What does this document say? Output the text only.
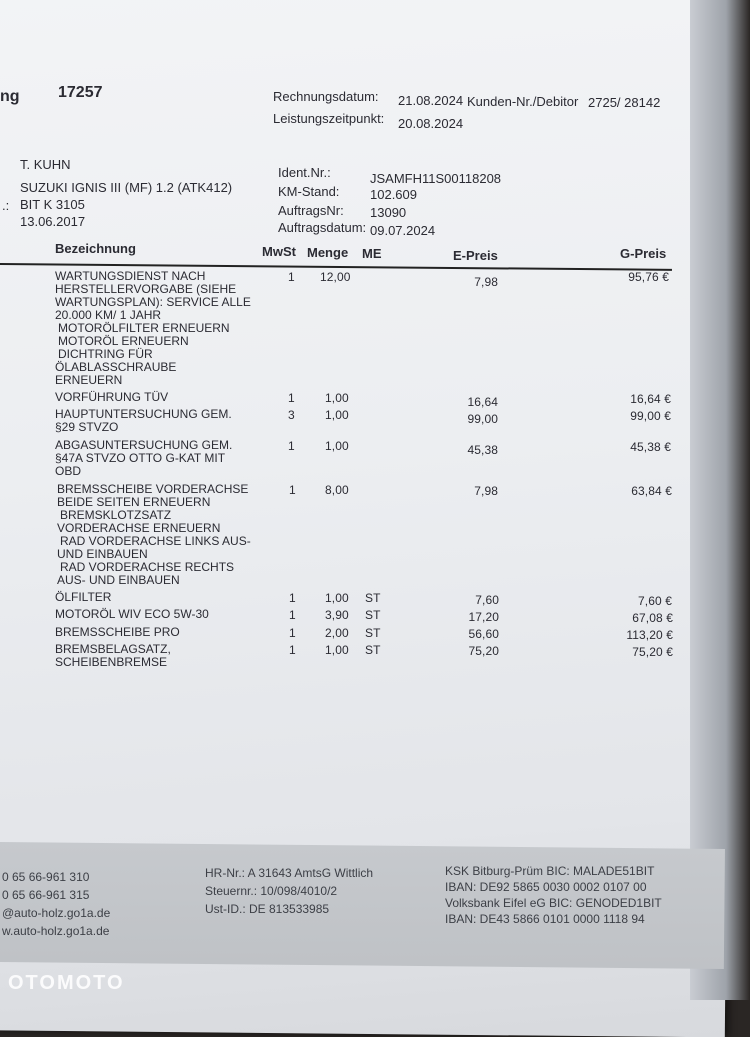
ng 17257	Rechnungsdatum: 21.08.2024 Kunden-Nr./Debitor 2725/ 28142
Leistungszeitpunkt: 20.08.2024
T. KUHN
SUZUKI IGNIS III (MF) 1.2 (ATK412)
.: BIT K 3105
13.06.2017
Ident.Nr.:	JSAMFH11S00118208
KM-Stand: 102.609
AuftragsNr: 13090
Auftragsdatum: 09.07.2024
Bezeichnung	MwSt Menge ME	E-Preis	G-Preis
WARTUNGSDIENST NACH
HERSTELLERVORGABE (SIEHE
WARTUNGSPLAN): SERVICE ALLE
20.000 KM/ 1 JAHR
MOTORÖLFILTER ERNEUERN
MOTORÖL ERNEUERN
DICHTRING FÜR
ÖLABLASSCHRAUBE
ERNEUERN
1 12,00	7,98	95,76 €
VORFÜHRUNG TÜV	1	1,00	16,64	16,64 €
HAUPTUNTERSUCHUNG GEM.
§29 STVZO
3	1,00	99,00	99,00 €
ABGASUNTERSUCHUNG GEM.
§47A STVZO OTTO G-KAT MIT
OBD
1	1,00	45,38	45,38 €
BREMSSCHEIBE VORDERACHSE
BEIDE SEITEN ERNEUERN
BREMSKLOTZSATZ
VORDERACHSE ERNEUERN
RAD VORDERACHSE LINKS AUS-
UND EINBAUEN
RAD VORDERACHSE RECHTS
AUS- UND EINBAUEN
1 8,00	7,98	63,84 €
ÖLFILTER	1 1,00 ST	7,60	7,60 €
MOTORÖL WIV ECO 5W-30	1 3,90 ST	17,20	67,08 €
BREMSSCHEIBE PRO	1 2,00 ST	56,60	113,20 €
BREMSBELAGSATZ,
SCHEIBENBREMSE
1 1,00 ST	75,20	75,20 €
0 65 66-961 310
0 65 66-961 315
@auto-holz.go1a.de
w.auto-holz.go1a.de
HR-Nr.: A 31643 AmtsG Wittlich
Steuernr.: 10/098/4010/2
Ust-ID.: DE 813533985
KSK Bitburg-Prüm BIC: MALADE51BIT
IBAN: DE92 5865 0030 0002 0107 00
Volksbank Eifel eG BIC: GENODED1BIT
IBAN: DE43 5866 0101 0000 1118 94
OTOMOTO
